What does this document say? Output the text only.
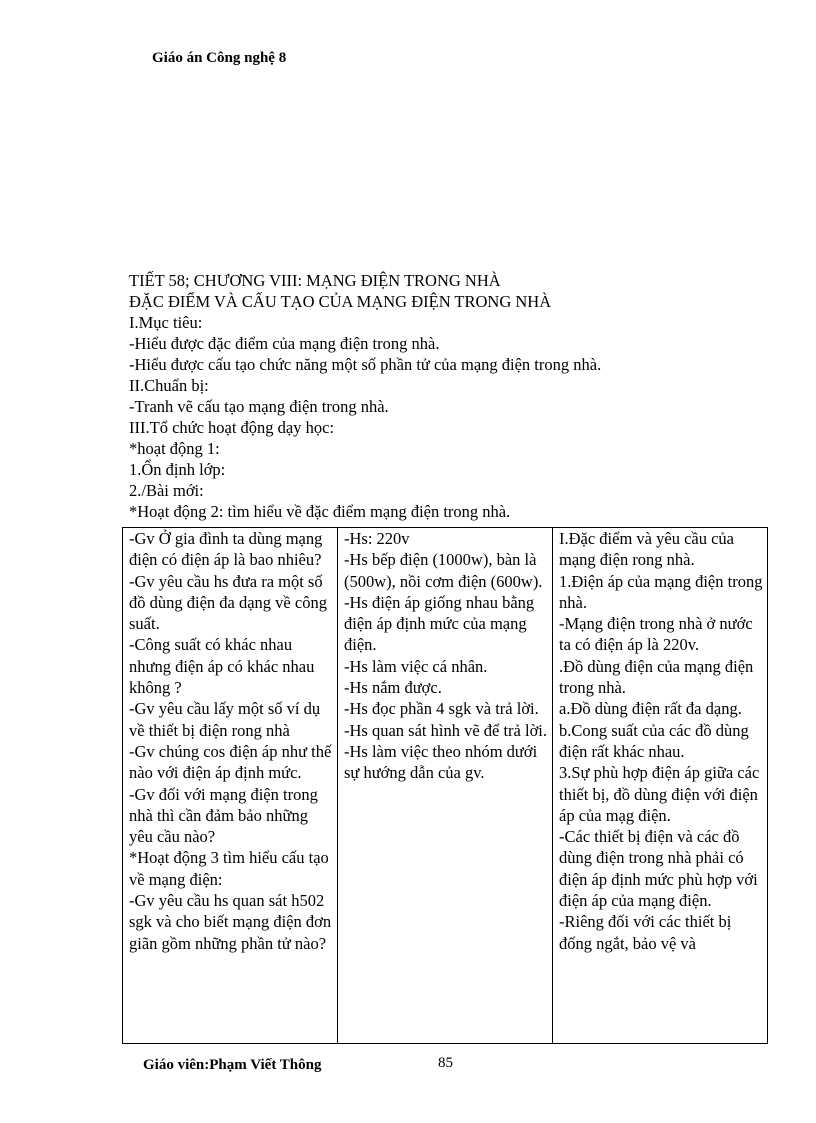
Giáo án Công nghệ 8
TIẾT 58; CHƯƠNG VIII: MẠNG ĐIỆN TRONG NHÀ
ĐẶC ĐIỂM VÀ CẤU TẠO CỦA MẠNG ĐIỆN TRONG NHÀ
I.Mục tiêu:
-Hiểu được đặc điểm của mạng điện trong nhà.
-Hiểu được cấu tạo chức năng một số phần tử của mạng điện trong nhà.
II.Chuẩn bị:
-Tranh vẽ cấu tạo mạng điện trong nhà.
III.Tổ chức hoạt động dạy học:
*hoạt động 1:
1.Ổn định lớp:
2./Bài mới:
*Hoạt động 2: tìm hiểu về đặc điểm mạng điện trong nhà.
-Gv Ở gia đình ta dùng mạng điện có điện áp là bao nhiêu?
-Gv yêu cầu hs đưa ra một số đồ dùng điện đa dạng về công suất.
-Công suất có khác nhau nhưng điện áp có khác nhau không ?
-Gv yêu cầu lấy một số ví dụ về thiết bị điện rong nhà
-Gv chúng cos điện áp như thế nào với điện áp định mức.
-Gv đối với mạng điện trong nhà thì cần đảm bảo những yêu cầu nào?
*Hoạt động 3 tìm hiểu cấu tạo về mạng điện:
-Gv yêu cầu hs quan sát h502 sgk và cho biết mạng điện đơn giãn gồm những phần tử nào?

-Hs: 220v
-Hs bếp điện (1000w), bàn là (500w), nồi cơm điện (600w).
-Hs điện áp giống nhau bằng điện áp định mức của mạng điện.
-Hs làm việc cá nhân.
-Hs nắm được.
-Hs đọc phần 4 sgk và trả lời.
-Hs quan sát hình vẽ để trả lời.
-Hs làm việc theo nhóm dưới sự hướng dẫn của gv.

I.Đặc điểm và yêu cầu của mạng điện rong nhà.
1.Điện áp của mạng điện trong nhà.
-Mạng điện trong nhà ở nước ta có điện áp là 220v.
.Đồ dùng điện của mạng điện trong nhà.
a.Đồ dùng điện rất đa dạng.
b.Cong suất của các đồ dùng điện rất khác nhau.
3.Sự phù hợp điện áp giữa các thiết bị, đồ dùng điện với điện áp của mạg điện.
-Các thiết bị điện và các đồ dùng điện trong nhà phải có điện áp định mức phù hợp với điện áp của mạng điện.
-Riêng đối với các thiết bị đống ngắt, bảo vệ và
Giáo viên:Phạm Viết Thông	85
